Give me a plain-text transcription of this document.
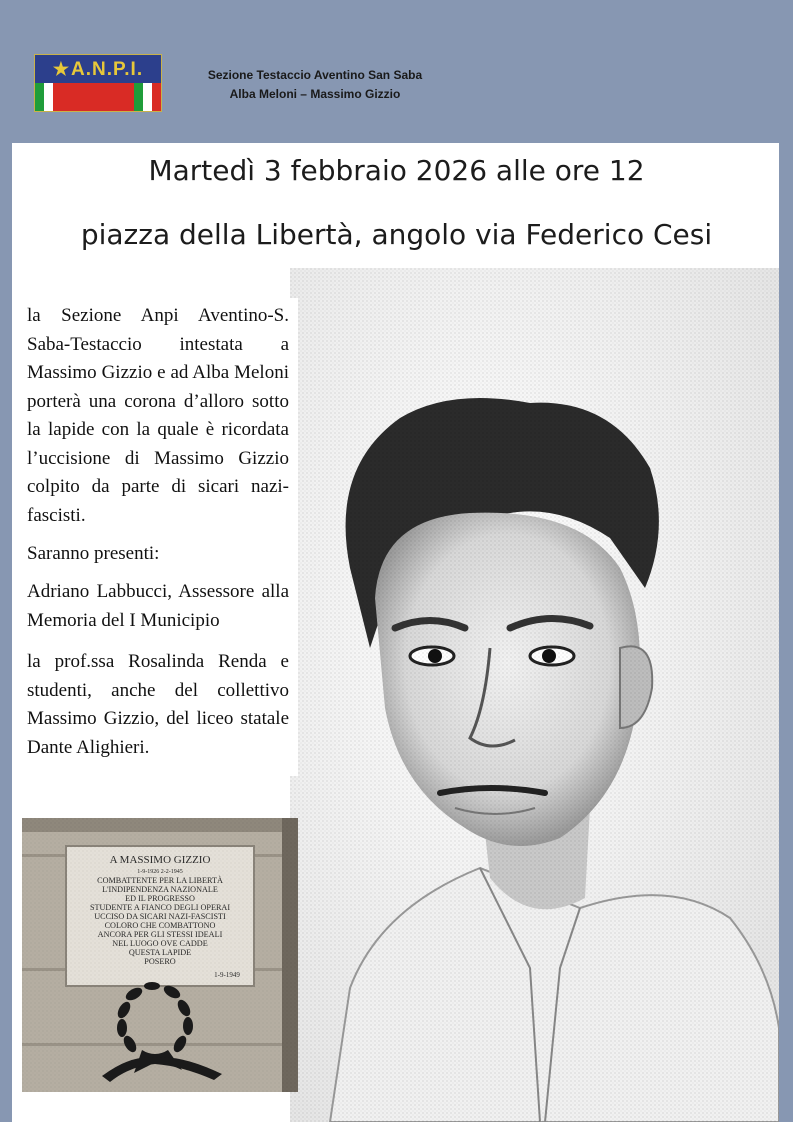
★A.N.P.I.	Sezione Testaccio Aventino San Saba
Alba Meloni – Massimo Gizzio
Martedì 3 febbraio 2026 alle ore 12
piazza della Libertà, angolo via Federico Cesi

la Sezione Anpi Aventino-S. Saba-Testaccio intestata a Massimo Gizzio e ad Alba Meloni porterà una corona d’alloro sotto la lapide con la quale è ricordata l’uccisione di Massimo Gizzio colpito da parte di sicari nazi-fascisti.

Saranno presenti:

Adriano Labbucci, Assessore alla Memoria del I Municipio

la prof.ssa Rosalinda Renda e studenti, anche del collettivo Massimo Gizzio, del liceo statale Dante Alighieri.
